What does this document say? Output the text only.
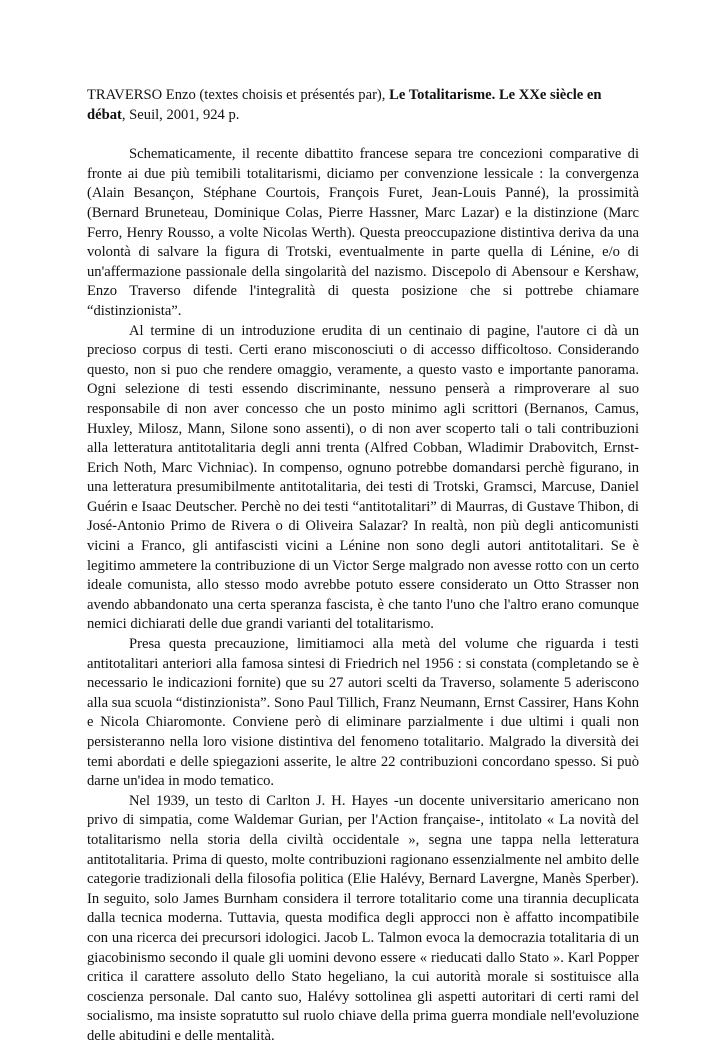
TRAVERSO Enzo (textes choisis et présentés par), Le Totalitarisme. Le XXe siècle en débat, Seuil, 2001, 924 p.

Schematicamente, il recente dibattito francese separa tre concezioni comparative di fronte ai due più temibili totalitarismi, diciamo per convenzione lessicale : la convergenza (Alain Besançon, Stéphane Courtois, François Furet, Jean-Louis Panné), la prossimità (Bernard Bruneteau, Dominique Colas, Pierre Hassner, Marc Lazar) e la distinzione (Marc Ferro, Henry Rousso, a volte Nicolas Werth). Questa preoccupazione distintiva deriva da una volontà di salvare la figura di Trotski, eventualmente in parte quella di Lénine, e/o di un'affermazione passionale della singolarità del nazismo. Discepolo di Abensour e Kershaw, Enzo Traverso difende l'integralità di questa posizione che si pottrebe chiamare “distinzionista”.

Al termine di un introduzione erudita di un centinaio di pagine, l'autore ci dà un precioso corpus di testi. Certi erano misconosciuti o di accesso difficoltoso. Considerando questo, non si puo che rendere omaggio, veramente, a questo vasto e importante panorama. Ogni selezione di testi essendo discriminante, nessuno penserà a rimproverare al suo responsabile di non aver concesso che un posto minimo agli scrittori (Bernanos, Camus, Huxley, Milosz, Mann, Silone sono assenti), o di non aver scoperto tali o tali contribuzioni alla letteratura antitotalitaria degli anni trenta (Alfred Cobban, Wladimir Drabovitch, Ernst-Erich Noth, Marc Vichniac). In compenso, ognuno potrebbe domandarsi perchè figurano, in una letteratura presumibilmente antitotalitaria, dei testi di Trotski, Gramsci, Marcuse, Daniel Guérin e Isaac Deutscher. Perchè no dei testi “antitotalitari” di Maurras, di Gustave Thibon, di José-Antonio Primo de Rivera o di Oliveira Salazar? In realtà, non più degli anticomunisti vicini a Franco, gli antifascisti vicini a Lénine non sono degli autori antitotalitari. Se è legitimo ammetere la contribuzione di un Victor Serge malgrado non avesse rotto con un certo ideale comunista, allo stesso modo avrebbe potuto essere considerato un Otto Strasser non avendo abbandonato una certa speranza fascista, è che tanto l'uno che l'altro erano comunque nemici dichiarati delle due grandi varianti del totalitarismo.

Presa questa precauzione, limitiamoci alla metà del volume che riguarda i testi antitotalitari anteriori alla famosa sintesi di Friedrich nel 1956 : si constata (completando se è necessario le indicazioni fornite) que su 27 autori scelti da Traverso, solamente 5 aderiscono alla sua scuola “distinzionista”. Sono Paul Tillich, Franz Neumann, Ernst Cassirer, Hans Kohn e Nicola Chiaromonte. Conviene però di eliminare parzialmente i due ultimi i quali non persisteranno nella loro visione distintiva del fenomeno totalitario. Malgrado la diversità dei temi abordati e delle spiegazioni asserite, le altre 22 contribuzioni concordano spesso. Si può darne un'idea in modo tematico.

Nel 1939, un testo di Carlton J. H. Hayes -un docente universitario americano non privo di simpatia, come Waldemar Gurian, per l'Action française-, intitolato « La novità del totalitarismo nella storia della civiltà occidentale », segna une tappa nella letteratura antitotalitaria. Prima di questo, molte contribuzioni ragionano essenzialmente nel ambito delle categorie tradizionali della filosofia politica (Elie Halévy, Bernard Lavergne, Manès Sperber). In seguito, solo James Burnham considera il terrore totalitario come una tirannia decuplicata dalla tecnica moderna. Tuttavia, questa modifica degli approcci non è affatto incompatibile con una ricerca dei precursori idologici. Jacob L. Talmon evoca la democrazia totalitaria di un giacobinismo secondo il quale gli uomini devono essere « rieducati dallo Stato ». Karl Popper critica il carattere assoluto dello Stato hegeliano, la cui autorità morale si sostituisce alla coscienza personale. Dal canto suo, Halévy sottolinea gli aspetti autoritari di certi rami del socialismo, ma insiste sopratutto sul ruolo chiave della prima guerra mondiale nell'evoluzione delle abitudini e delle mentalità.
